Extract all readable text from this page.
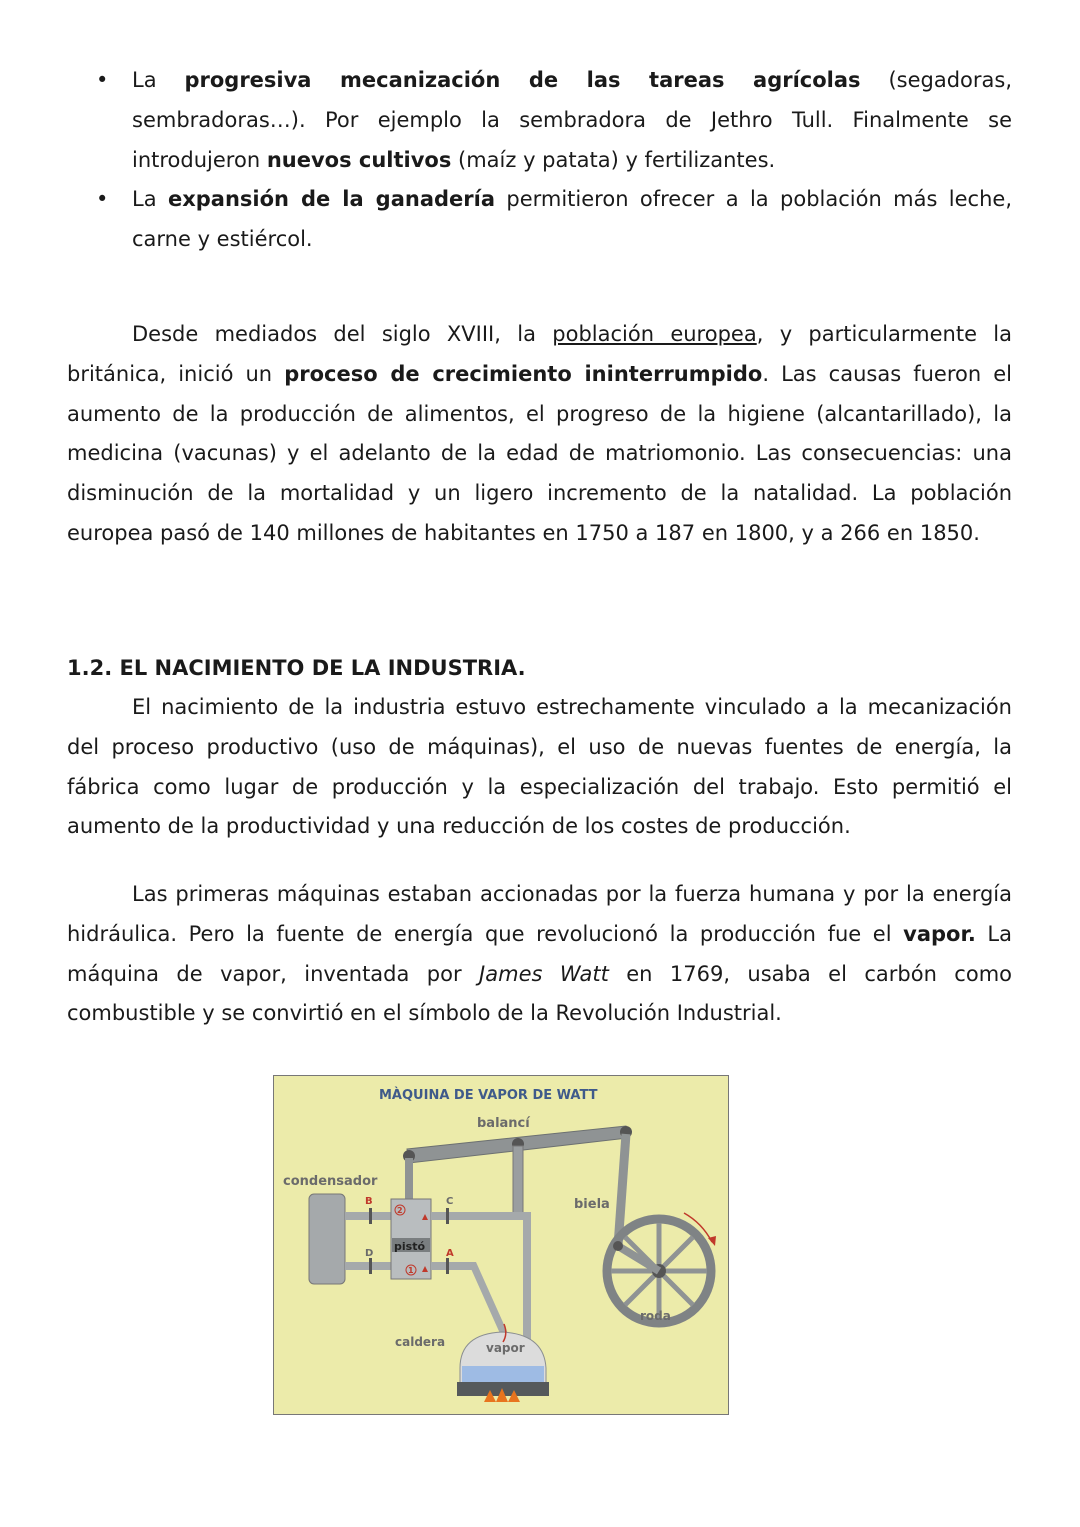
• La progresiva mecanización de las tareas agrícolas (segadoras, sembradoras…). Por ejemplo la sembradora de Jethro Tull. Finalmente se introdujeron nuevos cultivos (maíz y patata) y fertilizantes.
• La expansión de la ganadería permitieron ofrecer a la población más leche, carne y estiércol.

Desde mediados del siglo XVIII, la población europea, y particularmente la británica, inició un proceso de crecimiento ininterrumpido. Las causas fueron el aumento de la producción de alimentos, el progreso de la higiene (alcantarillado), la medicina (vacunas) y el adelanto de la edad de matriomonio. Las consecuencias: una disminución de la mortalidad y un ligero incremento de la natalidad. La población europea pasó de 140 millones de habitantes en 1750 a 187 en 1800, y a 266 en 1850.

1.2. EL NACIMIENTO DE LA INDUSTRIA.

El nacimiento de la industria estuvo estrechamente vinculado a la mecanización del proceso productivo (uso de máquinas), el uso de nuevas fuentes de energía, la fábrica como lugar de producción y la especialización del trabajo. Esto permitió el aumento de la productividad y una reducción de los costes de producción.

Las primeras máquinas estaban accionadas por la fuerza humana y por la energía hidráulica. Pero la fuente de energía que revolucionó la producción fue el vapor. La máquina de vapor, inventada por James Watt en 1769, usaba el carbón como combustible y se convirtió en el símbolo de la Revolución Industrial.

MÀQUINA DE VAPOR DE WATT
balancí
biela
condensador
B
D
pistó
2
1
C
A
vapor
caldera
roda
